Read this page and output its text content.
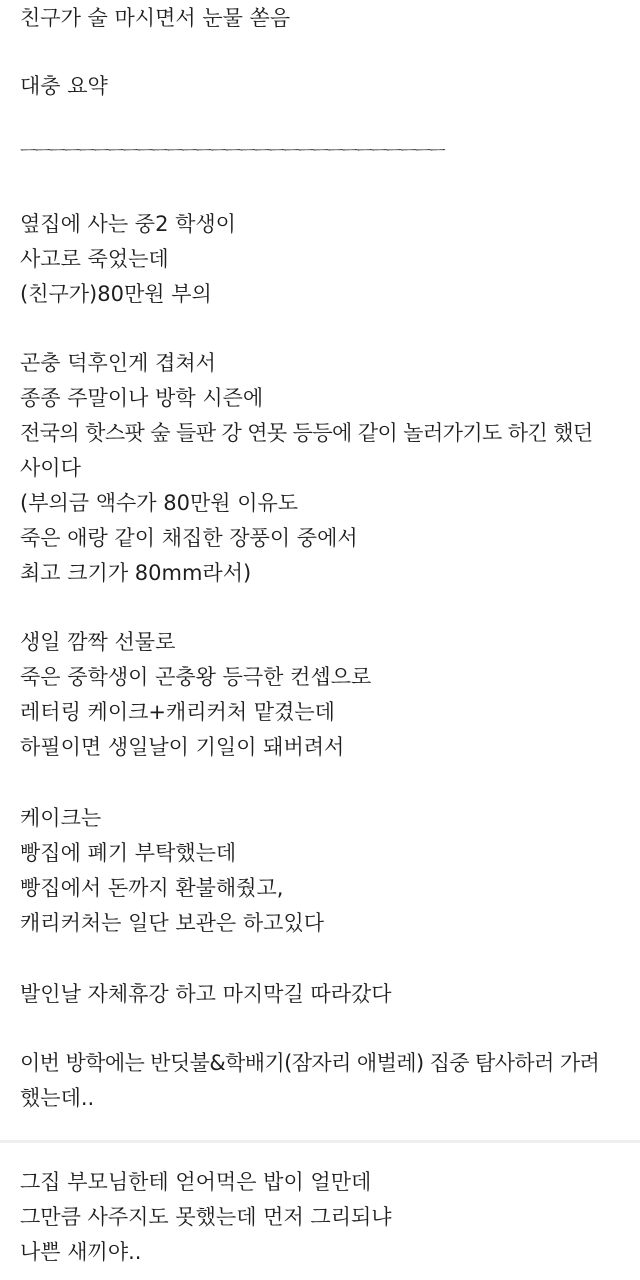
친구가 술 마시면서 눈물 쏟음
대충 요약
ㅡㅡㅡㅡㅡㅡㅡㅡㅡㅡㅡㅡㅡㅡㅡㅡㅡㅡㅡㅡㅡㅡㅡㅡㅡㅡㅡㅡㅡ
옆집에 사는 중2 학생이
사고로 죽었는데
(친구가)80만원 부의
곤충 덕후인게 겹쳐서
종종 주말이나 방학 시즌에
전국의 핫스팟 숲 들판 강 연못 등등에 같이 놀러가기도 하긴 했던
사이다
(부의금 액수가 80만원 이유도
죽은 애랑 같이 채집한 장풍이 중에서
최고 크기가 80mm라서)
생일 깜짝 선물로
죽은 중학생이 곤충왕 등극한 컨셉으로
레터링 케이크+캐리커처 맡겼는데
하필이면 생일날이 기일이 돼버려서
케이크는
빵집에 폐기 부탁했는데
빵집에서 돈까지 환불해줬고,
캐리커처는 일단 보관은 하고있다
발인날 자체휴강 하고 마지막길 따라갔다
이번 방학에는 반딧불&학배기(잠자리 애벌레) 집중 탐사하러 가려
했는데..
그집 부모님한테 얻어먹은 밥이 얼만데
그만큼 사주지도 못했는데 먼저 그리되냐
나쁜 새끼야..
